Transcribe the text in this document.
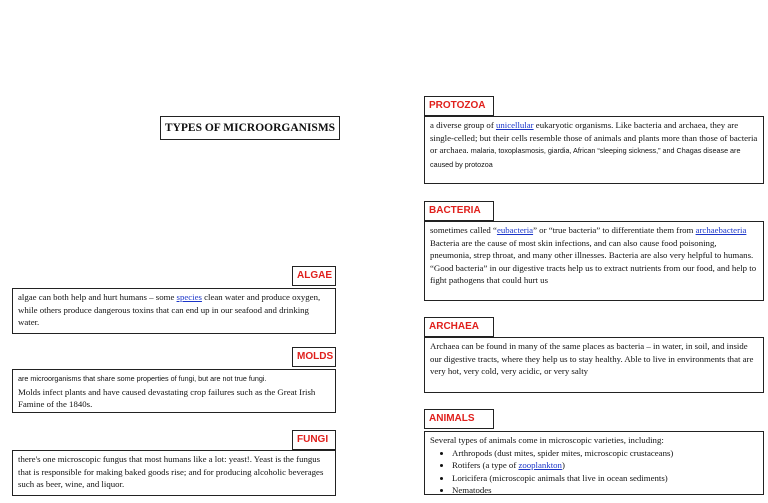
TYPES OF MICROORGANISMS
ALGAE
algae can both help and hurt humans – some species clean water and produce oxygen, while others produce dangerous toxins that can end up in our seafood and drinking water.
MOLDS
are microorganisms that share some properties of fungi, but are not true fungi.
Molds infect plants and have caused devastating crop failures such as the Great Irish Famine of the 1840s.
FUNGI
there's one microscopic fungus that most humans like a lot: yeast!. Yeast is the fungus that is responsible for making baked goods rise; and for producing alcoholic beverages such as beer, wine, and liquor.
PROTOZOA
a diverse group of unicellular eukaryotic organisms. Like bacteria and archaea, they are single-celled; but their cells resemble those of animals and plants more than those of bacteria or archaea. malaria, toxoplasmosis, giardia, African “sleeping sickness,” and Chagas disease are caused by protozoa
BACTERIA
sometimes called “eubacteria” or “true bacteria” to differentiate them from archaebacteria Bacteria are the cause of most skin infections, and can also cause food poisoning, pneumonia, strep throat, and many other illnesses. Bacteria are also very helpful to humans. “Good bacteria” in our digestive tracts help us to extract nutrients from our food, and help to fight pathogens that could hurt us
ARCHAEA
Archaea can be found in many of the same places as bacteria – in water, in soil, and inside our digestive tracts, where they help us to stay healthy. Able to live in environments that are very hot, very cold, very acidic, or very salty
ANIMALS
Several types of animals come in microscopic varieties, including:
• Arthropods (dust mites, spider mites, microscopic crustaceans)
• Rotifers (a type of zooplankton)
• Loricifera (microscopic animals that live in ocean sediments)
• Nematodes
